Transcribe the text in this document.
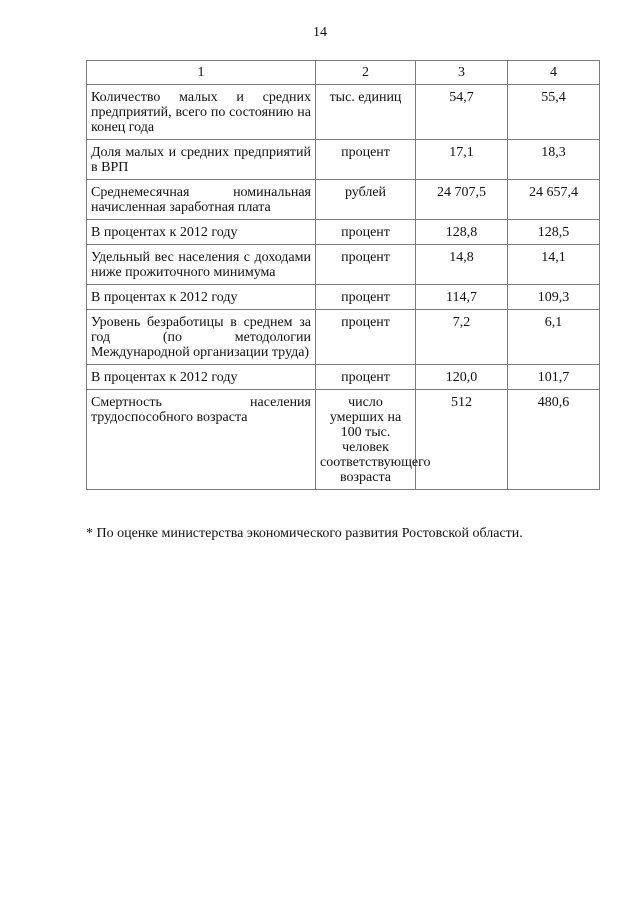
14
1	2	3	4
Количество малых и средних предприятий, всего по состоянию на конец года	тыс. единиц	54,7	55,4
Доля малых и средних предприятий в ВРП	процент	17,1	18,3
Среднемесячная номинальная начисленная заработная плата	рублей	24 707,5	24 657,4
В процентах к 2012 году	процент	128,8	128,5
Удельный вес населения с доходами ниже прожиточного минимума	процент	14,8	14,1
В процентах к 2012 году	процент	114,7	109,3
Уровень безработицы в среднем за год (по методологии Международной организации труда)	процент	7,2	6,1
В процентах к 2012 году	процент	120,0	101,7
Смертность населения трудоспособного возраста	число умерших на 100 тыс. человек соответствующего возраста	512	480,6
* По оценке министерства экономического развития Ростовской области.
